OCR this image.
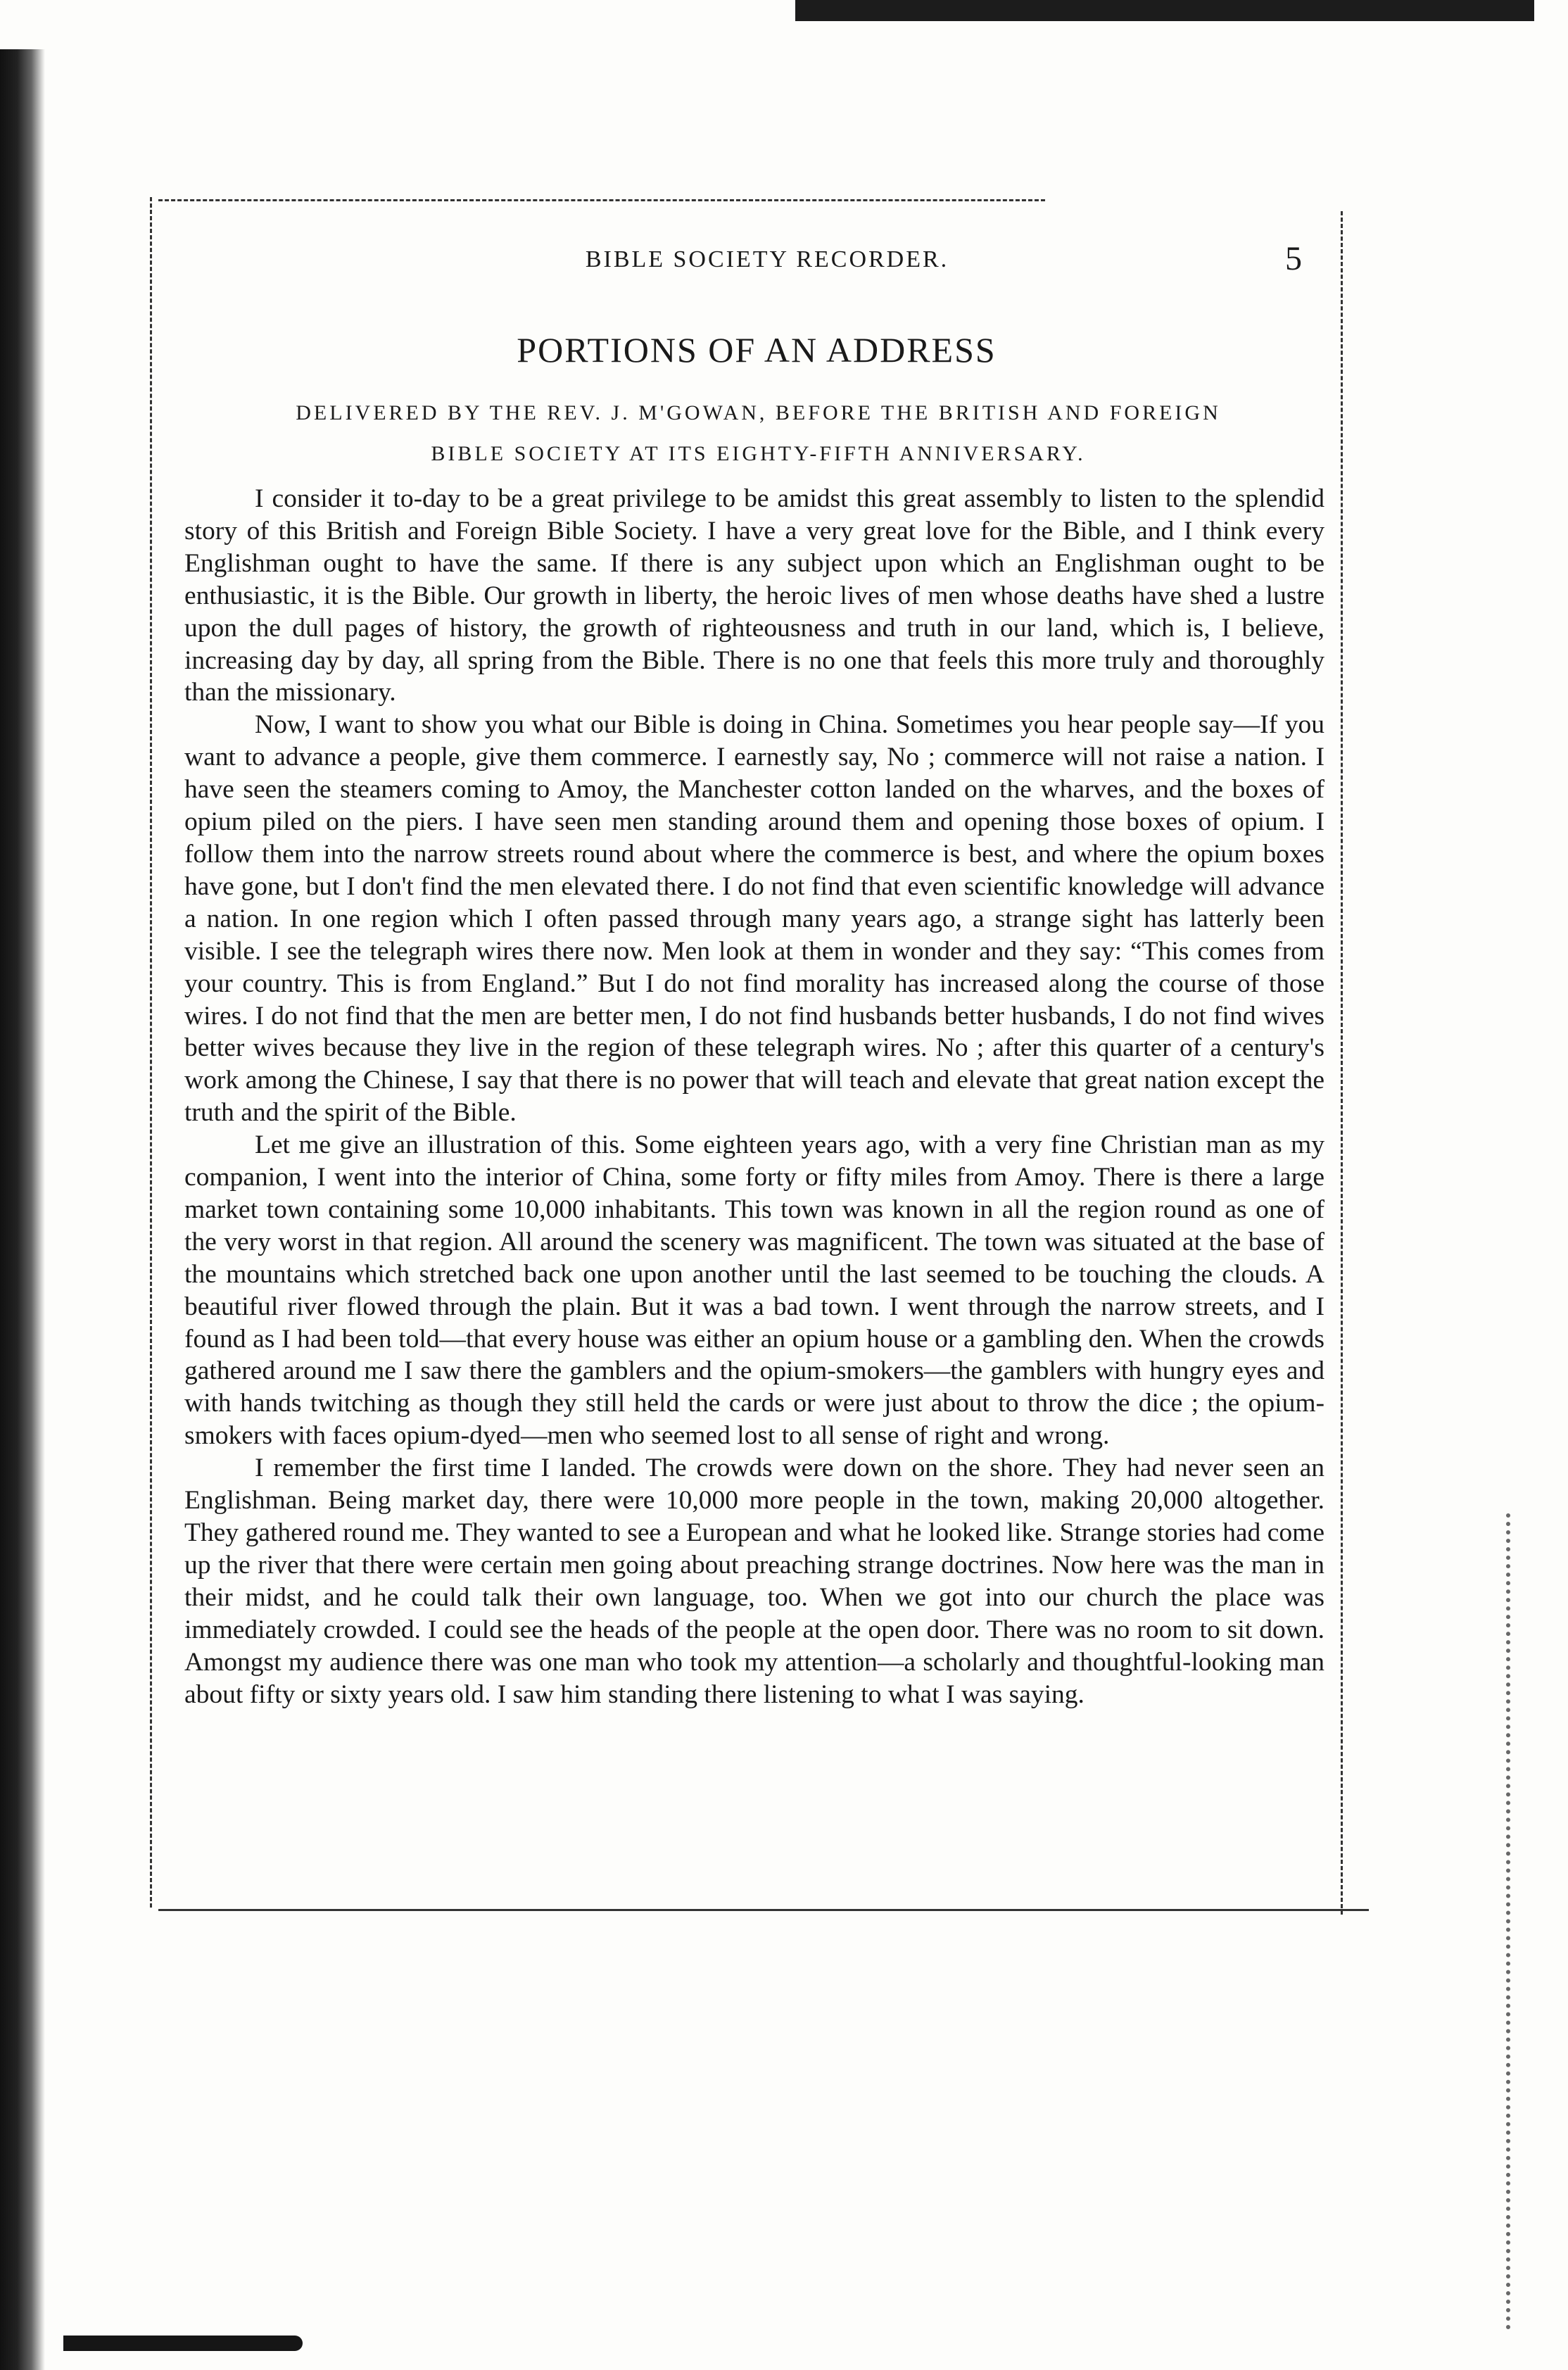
BIBLE SOCIETY RECORDER.	5
PORTIONS OF AN ADDRESS
DELIVERED BY THE REV. J. M'GOWAN, BEFORE THE BRITISH AND FOREIGN
BIBLE SOCIETY AT ITS EIGHTY-FIFTH ANNIVERSARY.

I consider it to-day to be a great privilege to be amidst this great assembly to listen to the splendid story of this British and Foreign Bible Society. I have a very great love for the Bible, and I think every Englishman ought to have the same. If there is any subject upon which an Englishman ought to be enthusiastic, it is the Bible. Our growth in liberty, the heroic lives of men whose deaths have shed a lustre upon the dull pages of history, the growth of righteousness and truth in our land, which is, I believe, increasing day by day, all spring from the Bible. There is no one that feels this more truly and thoroughly than the missionary.

Now, I want to show you what our Bible is doing in China. Sometimes you hear people say—If you want to advance a people, give them commerce. I earnestly say, No ; commerce will not raise a nation. I have seen the steamers coming to Amoy, the Manchester cotton landed on the wharves, and the boxes of opium piled on the piers. I have seen men standing around them and opening those boxes of opium. I follow them into the narrow streets round about where the commerce is best, and where the opium boxes have gone, but I don't find the men elevated there. I do not find that even scientific knowledge will advance a nation. In one region which I often passed through many years ago, a strange sight has latterly been visible. I see the telegraph wires there now. Men look at them in wonder and they say: “This comes from your country. This is from England.” But I do not find morality has increased along the course of those wires. I do not find that the men are better men, I do not find husbands better husbands, I do not find wives better wives because they live in the region of these telegraph wires. No ; after this quarter of a century's work among the Chinese, I say that there is no power that will teach and elevate that great nation except the truth and the spirit of the Bible.

Let me give an illustration of this. Some eighteen years ago, with a very fine Christian man as my companion, I went into the interior of China, some forty or fifty miles from Amoy. There is there a large market town containing some 10,000 inhabitants. This town was known in all the region round as one of the very worst in that region. All around the scenery was magnificent. The town was situated at the base of the mountains which stretched back one upon another until the last seemed to be touching the clouds. A beautiful river flowed through the plain. But it was a bad town. I went through the narrow streets, and I found as I had been told—that every house was either an opium house or a gambling den. When the crowds gathered around me I saw there the gamblers and the opium-smokers—the gamblers with hungry eyes and with hands twitching as though they still held the cards or were just about to throw the dice ; the opium-smokers with faces opium-dyed—men who seemed lost to all sense of right and wrong.

I remember the first time I landed. The crowds were down on the shore. They had never seen an Englishman. Being market day, there were 10,000 more people in the town, making 20,000 altogether. They gathered round me. They wanted to see a European and what he looked like. Strange stories had come up the river that there were certain men going about preaching strange doctrines. Now here was the man in their midst, and he could talk their own language, too. When we got into our church the place was immediately crowded. I could see the heads of the people at the open door. There was no room to sit down. Amongst my audience there was one man who took my attention—a scholarly and thoughtful-looking man about fifty or sixty years old. I saw him standing there listening to what I was saying.
